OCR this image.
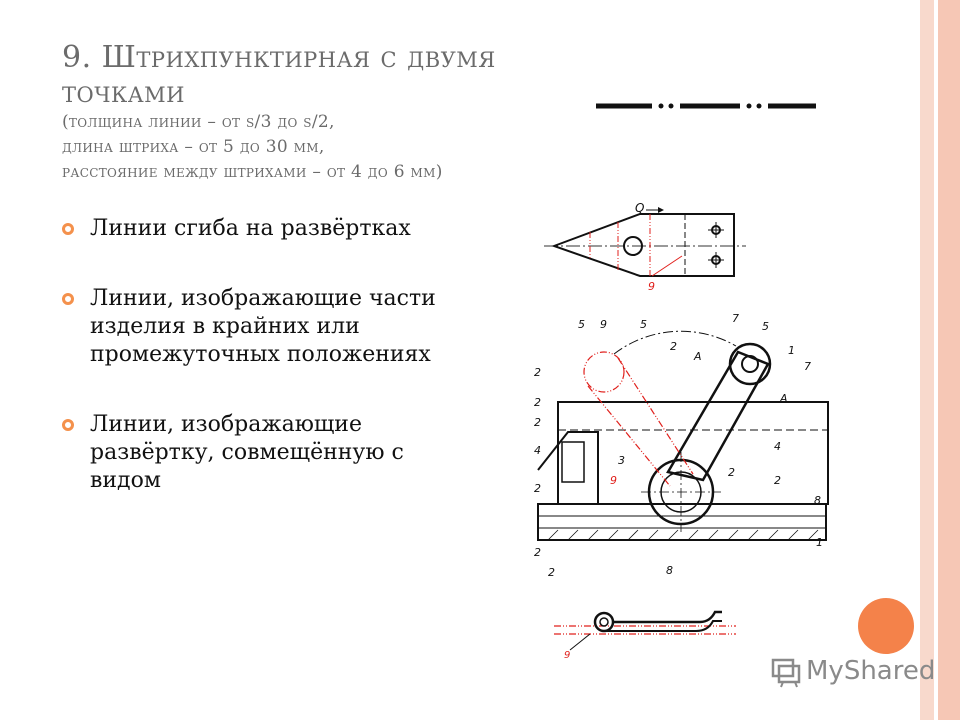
9. Штрихпунктирная с двумя точками
(толщина линии – от s/3 до s/2,
длина штриха – от 5 до 30 мм,
расстояние между штрихами – от 4 до 6 мм)
Линии сгиба на развёртках
Линии, изображающие части изделия в крайних или промежуточных положениях
Линии, изображающие развёртку, совмещённую с видом
Q
9
5 9	5	7
5
1
2
A
7
A
2
2
2
4
2
3
2
4
9	2
2
8
1
2	8
9
MyShared
